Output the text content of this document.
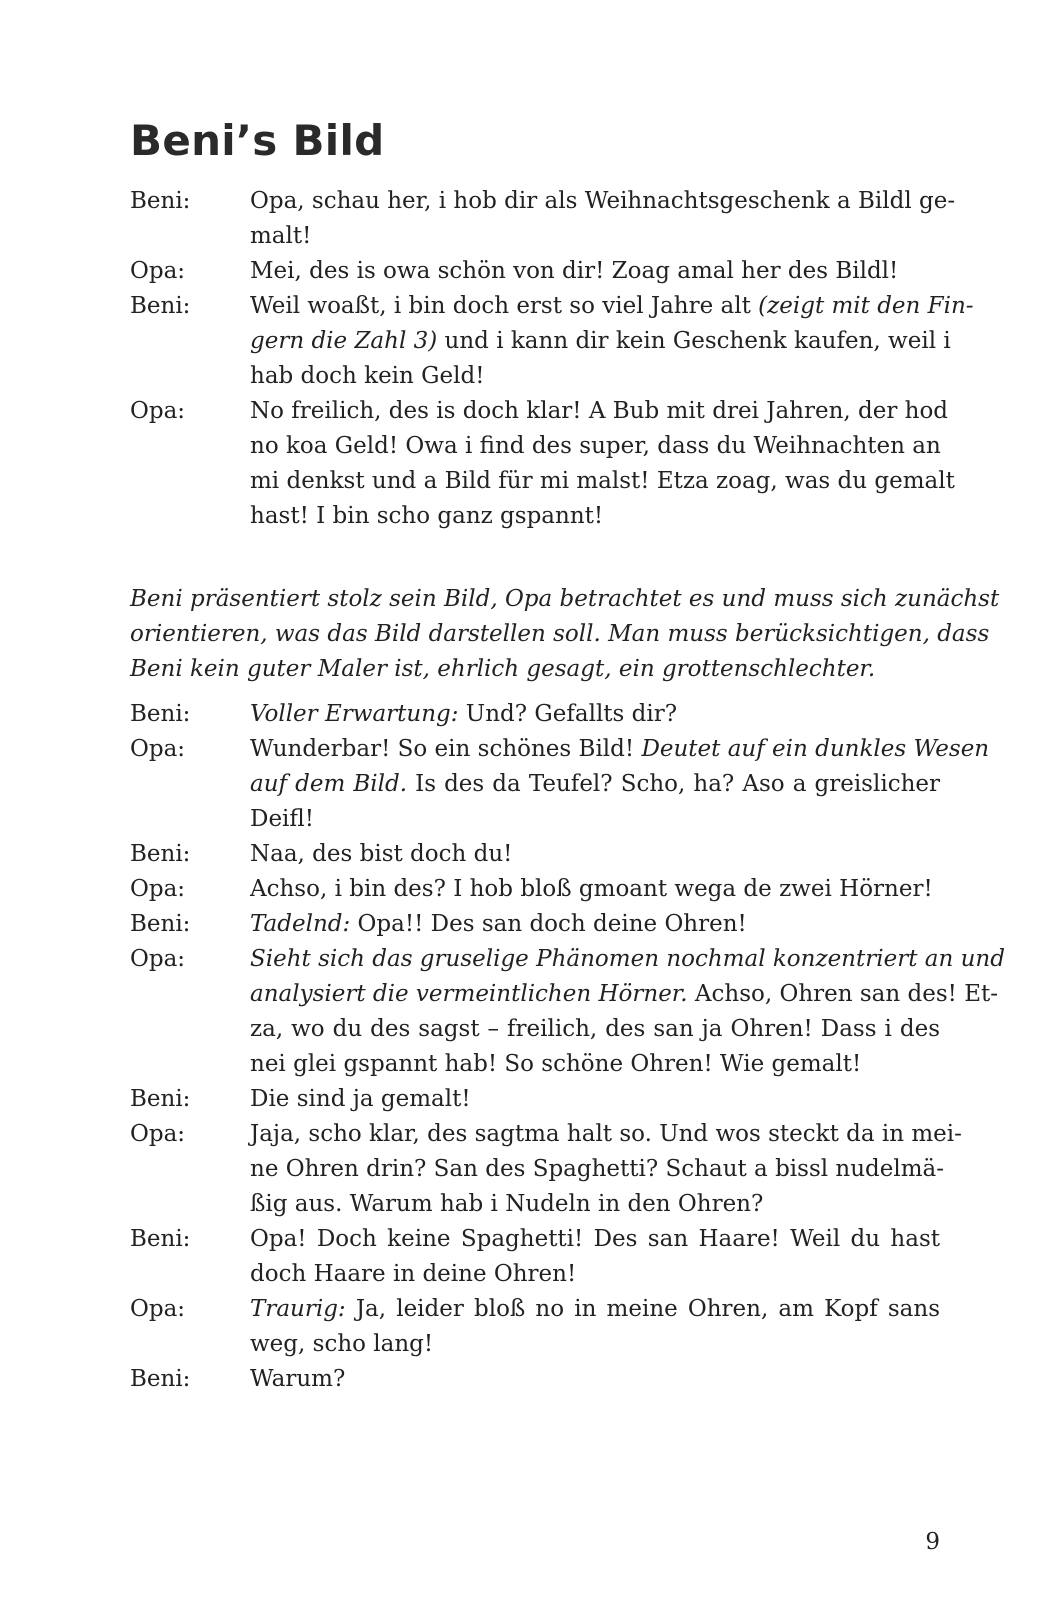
Beni’s Bild
Beni:	Opa, schau her, i hob dir als Weihnachtsgeschenk a Bildl ge-
malt!
Opa:	Mei, des is owa schön von dir! Zoag amal her des Bildl!
Beni:	Weil woaßt, i bin doch erst so viel Jahre alt (zeigt mit den Fin-
gern die Zahl 3) und i kann dir kein Geschenk kaufen, weil i
hab doch kein Geld!
Opa:	No freilich, des is doch klar! A Bub mit drei Jahren, der hod
no koa Geld! Owa i find des super, dass du Weihnachten an
mi denkst und a Bild für mi malst! Etza zoag, was du gemalt
hast! I bin scho ganz gspannt!
Beni präsentiert stolz sein Bild, Opa betrachtet es und muss sich zunächst
orientieren, was das Bild darstellen soll. Man muss berücksichtigen, dass
Beni kein guter Maler ist, ehrlich gesagt, ein grottenschlechter.
Beni:	Voller Erwartung: Und? Gefallts dir?
Opa:	Wunderbar! So ein schönes Bild! Deutet auf ein dunkles Wesen
auf dem Bild. Is des da Teufel? Scho, ha? Aso a greislicher
Deifl!
Beni:	Naa, des bist doch du!
Opa:	Achso, i bin des? I hob bloß gmoant wega de zwei Hörner!
Beni:	Tadelnd: Opa!! Des san doch deine Ohren!
Opa:	Sieht sich das gruselige Phänomen nochmal konzentriert an und
analysiert die vermeintlichen Hörner. Achso, Ohren san des! Et-
za, wo du des sagst – freilich, des san ja Ohren! Dass i des
nei glei gspannt hab! So schöne Ohren! Wie gemalt!
Beni:	Die sind ja gemalt!
Opa:	Jaja, scho klar, des sagtma halt so. Und wos steckt da in mei-
ne Ohren drin? San des Spaghetti? Schaut a bissl nudelmä-
ßig aus. Warum hab i Nudeln in den Ohren?
Beni:	Opa! Doch keine Spaghetti! Des san Haare! Weil du hast
doch Haare in deine Ohren!
Opa:	Traurig: Ja, leider bloß no in meine Ohren, am Kopf sans
weg, scho lang!
Beni:	Warum?
9
